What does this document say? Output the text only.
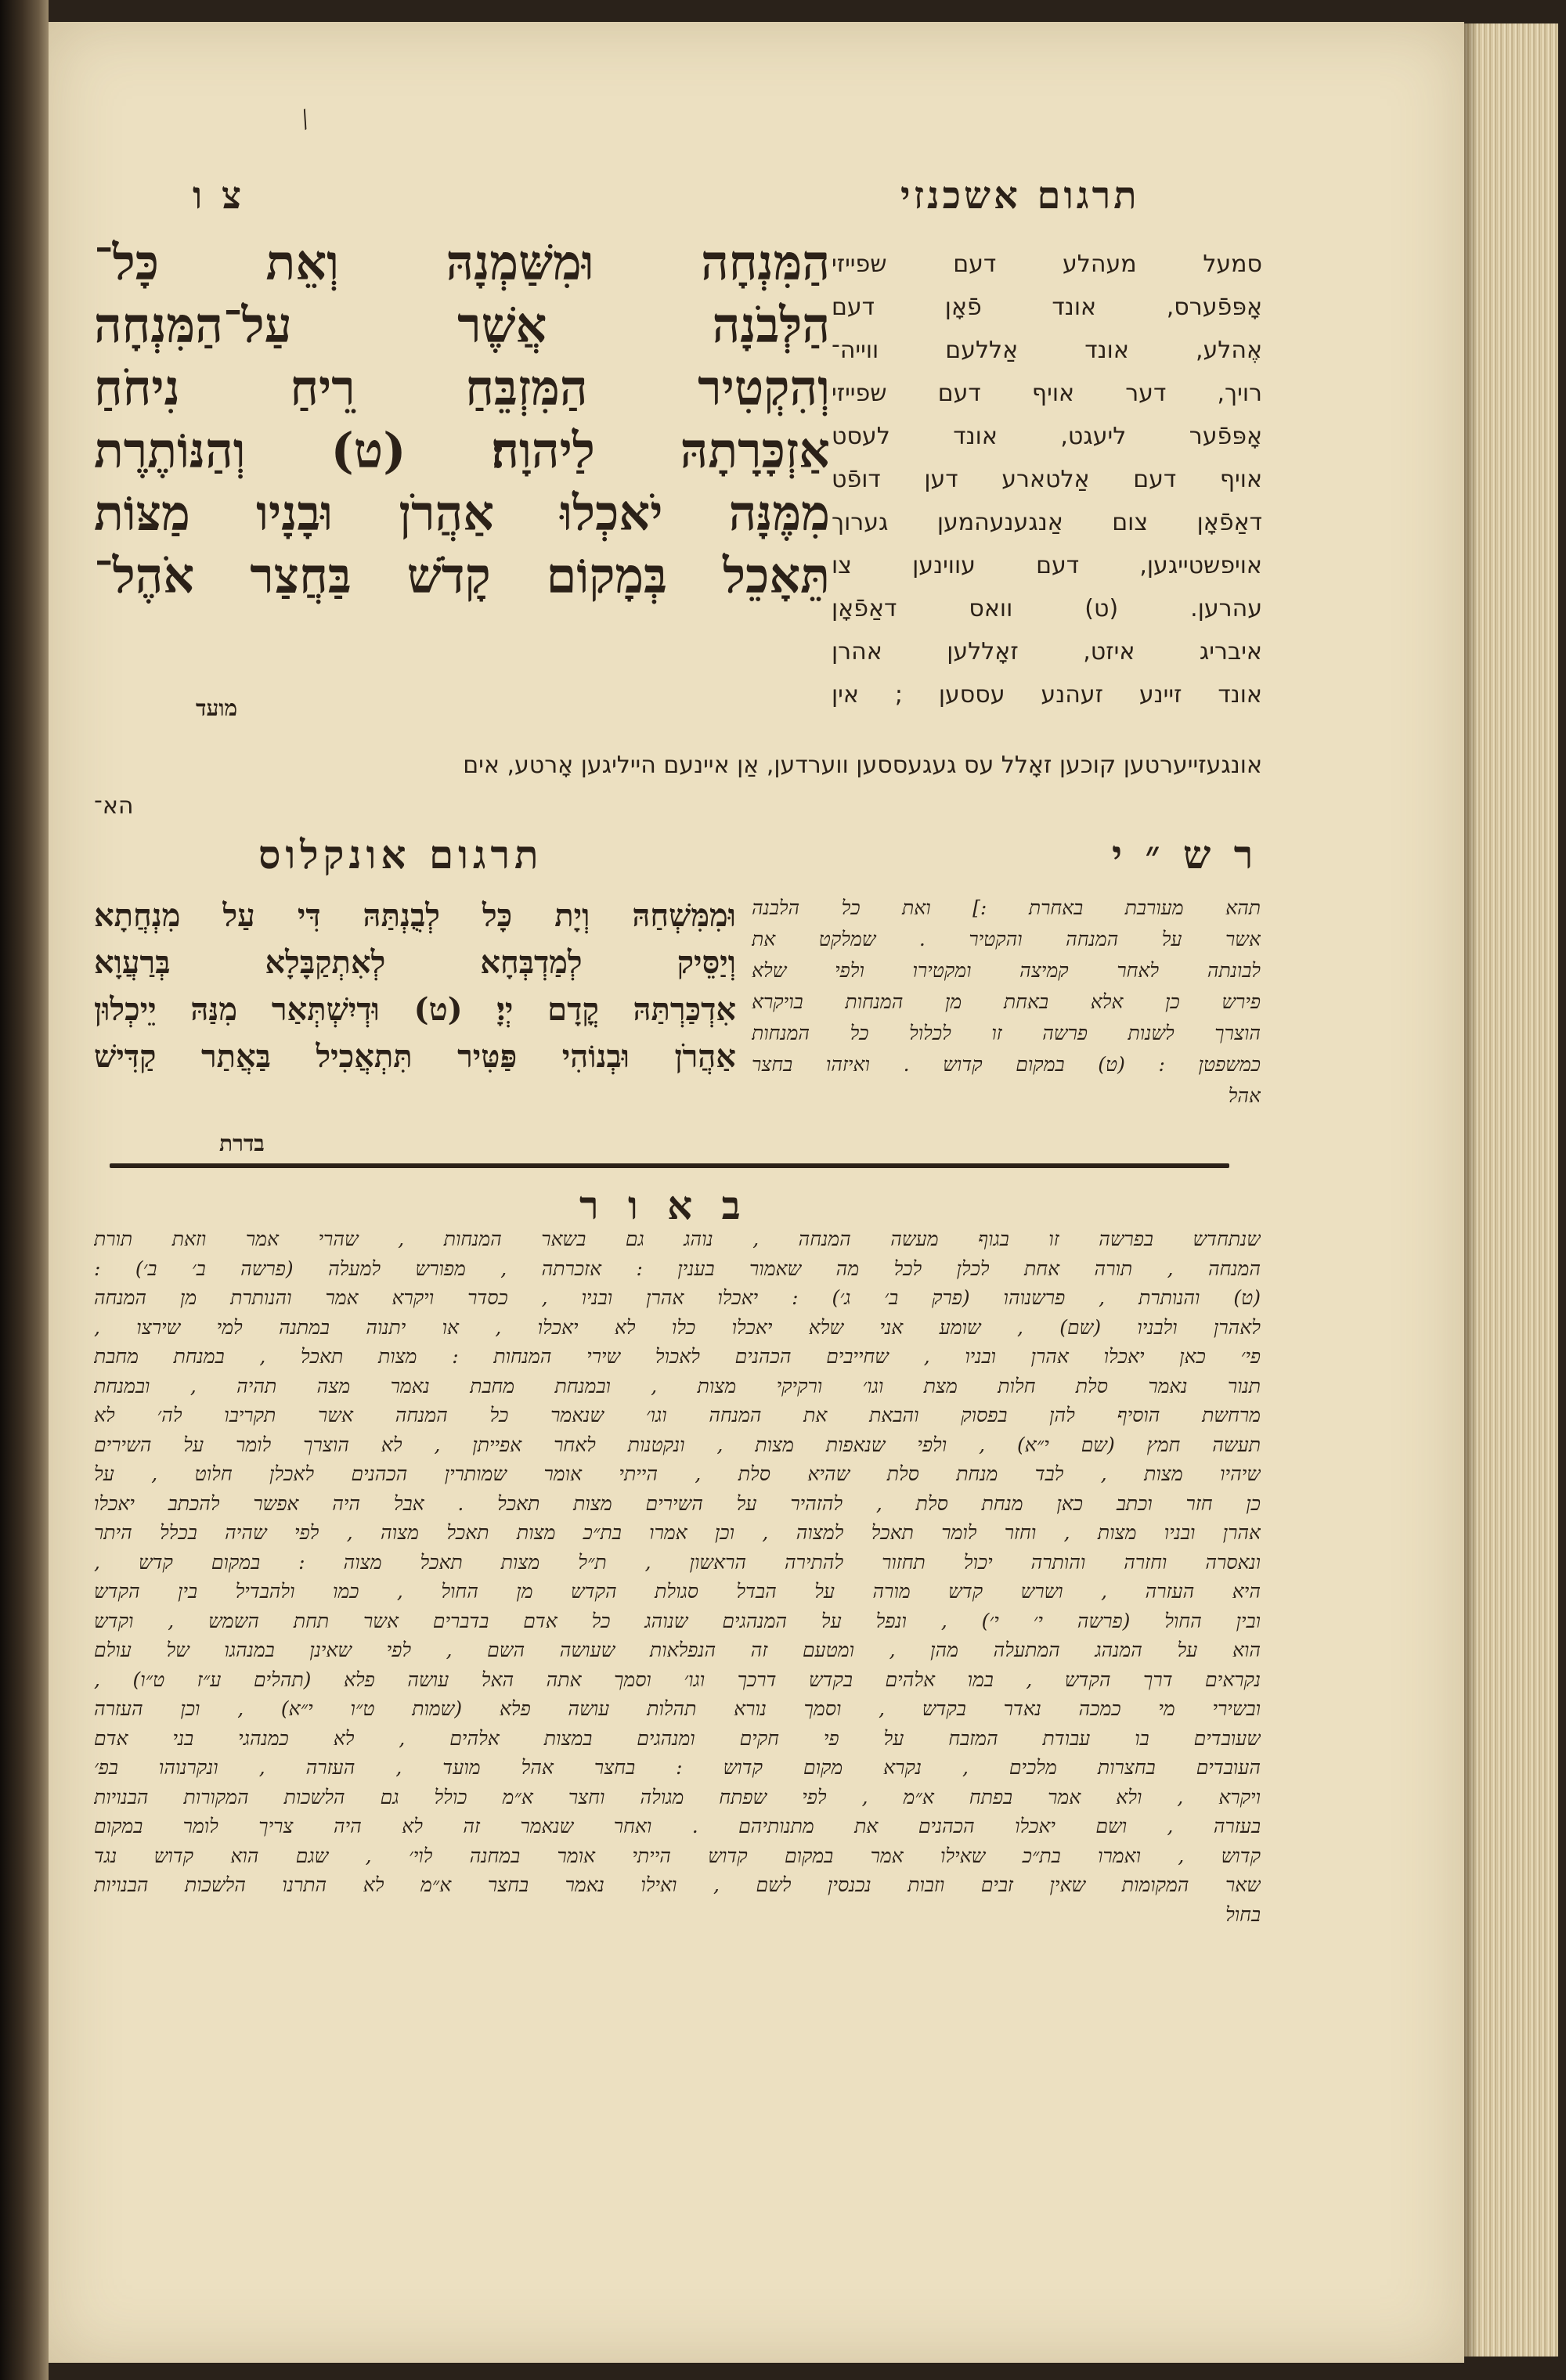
⁄
תרגום אשכנזי
צ ו
הַמִּנְחָה וּמִשַּׁמְנָהּ וְאֵת כָּל־
הַלְּבֹנָה אֲשֶׁר עַל־הַמִּנְחָה
וְהִקְטִיר הַמִּזְבֵּחַ רֵיחַ נִיחֹחַ
אַזְכָּרָתָהּ לַיהוָה׃ (ט) וְהַנּוֹתֶרֶת
מִמֶּנָּה יֹאכְלוּ אַהֲרֹן וּבָנָיו מַצּוֹת
תֵּאָכֵל בְּמָקוֹם קָדֹשׁ בַּחֲצַר אֹהֶל־
מועד
סמעל מעהלע דעם שפייזי
אָפּפֿערס, אונד פֿאָן דעם
אֶהלע, אונד אַללעם ווייה־
רויך, דער אויף דעם שפייזי
אָפּפֿער ליעגט, אונד לעסט
אויף דעם אַלטארע דען דופֿט
דאַפֿאָן צום אַנגענעהמען גערוך
אויפשטייגען, דעם עווינען צו
עהרען. (ט) וואס דאַפֿאָן
איבריג איזט, זאָללען אהרן
אונד זיינע זעהנע עססען ; אין
אונגעזייערטען קוכען זאָלל עס געגעססען ווערדען, אַן איינעם הייליגען אָרטע, אים
הא־
תרגום אונקלוס	ר ש ״ י
וּמִמִּשְׁחַהּ וְיָת כָּל לְבֻנְתַּהּ דִּי עַל מִנְחֲתָא
וְיַסֵּיק לְמַדְבְּחָא לְאִתְקַבָּלָא בְּרַעֲוָא
אִדְכַּרְתַּהּ קֳדָם יְיָ׃ (ט) וּדְיִשְׁתְּאַר מִנַּהּ יֵיכְלוּן
אַהֲרֹן וּבְנוֹהִי פַּטִּיר תִּתְאֲכִיל בַּאֲתַר קַדִּישׁ
בדרת
תהא מעורבת באחרת :] ואת כל הלבנה
אשר על המנחה והקטיר . שמלקט את
לבונתה לאחר קמיצה ומקטירו ולפי שלא
פירש כן אלא באחת מן המנחות בויקרא
הוצרך לשנות פרשה זו לכלול כל המנחות
כמשפטן : (ט) במקום קדוש . ואיזהו בחצר
אהל
ב א ו ר
שנתחדש בפרשה זו בגוף מעשה המנחה , נוהג גם בשאר המנחות , שהרי אמר וזאת תורת
המנחה , תורה אחת לכלן לכל מה שאמור בענין : אזכרתה , מפורש למעלה (פרשה ב׳ ב׳) :
(ט) והנותרת , פרשנוהו (פרק ב׳ ג׳) : יאכלו אהרן ובניו , כסדר ויקרא אמר והנותרת מן המנחה
לאהרן ולבניו (שם) , שומע אני שלא יאכלו כלו לא יאכלו , או יתנוה במתנה למי שירצו ,
פי׳ כאן יאכלו אהרן ובניו , שחייבים הכהנים לאכול שירי המנחות : מצות תאכל , במנחת מחבת
תנור נאמר סלת חלות מצת וגו׳ ורקיקי מצות , ובמנחת מחבת נאמר מצה תהיה , ובמנחת
מרחשת הוסיף להן בפסוק והבאת את המנחה וגו׳ שנאמר כל המנחה אשר תקריבו לה׳ לא
תעשה חמץ (שם י״א) , ולפי שנאפות מצות , ונקטנות לאחר אפייתן , לא הוצרך לומר על השירים
שיהיו מצות , לבד מנחת סלת שהיא סלת , הייתי אומר שמותרין הכהנים לאכלן חלוט , על
כן חזר וכתב כאן מנחת סלת , להזהיר על השירים מצות תאכל . אבל היה אפשר להכתב יאכלו
אהרן ובניו מצות , וחזר לומר תאכל למצוה , וכן אמרו בת״כ מצות תאכל מצוה , לפי שהיה בכלל היתר
ונאסרה וחזרה והותרה יכול תחזור להתירה הראשון , ת״ל מצות תאכל מצוה : במקום קדש ,
היא העזרה , ושרש קדש מורה על הבדל סגולת הקדש מן החול , כמו ולהבדיל בין הקדש
ובין החול (פרשה י׳ י׳) , ונפל על המנהגים שנוהג כל אדם בדברים אשר תחת השמש , וקדש
הוא על המנהג המתעלה מהן , ומטעם זה הנפלאות שעושה השם , לפי שאינן במנהגו של עולם
נקראים דרך הקדש , במו אלהים בקדש דרכך וגו׳ וסמך אתה האל עושה פלא (תהלים ע״ז ט״ו) ,
ובשירי מי כמכה נאדר בקדש , וסמך נורא תהלות עושה פלא (שמות ט״ו י״א) , וכן העזרה
שעובדים בו עבודת המזבח על פי חקים ומנהגים במצות אלהים , לא כמנהגי בני אדם
העובדים בחצרות מלכים , נקרא מקום קדוש : בחצר אהל מועד , העזרה , ונקרנוהו בפ׳
ויקרא , ולא אמר בפתח א״מ , לפי שפתח מגולה וחצר א״מ כולל גם הלשכות המקורות הבנויות
בעזרה , ושם יאכלו הכהנים את מתנותיהם . ואחר שנאמר זה לא היה צריך לומר במקום
קדוש , ואמרו בת״כ שאילו אמר במקום קדוש הייתי אומר במחנה לוי׳ , שגם הוא קדוש נגד
שאר המקומות שאין זבים וזבות נכנסין לשם , ואילו נאמר בחצר א״מ לא התרנו הלשכות הבנויות
בחול
